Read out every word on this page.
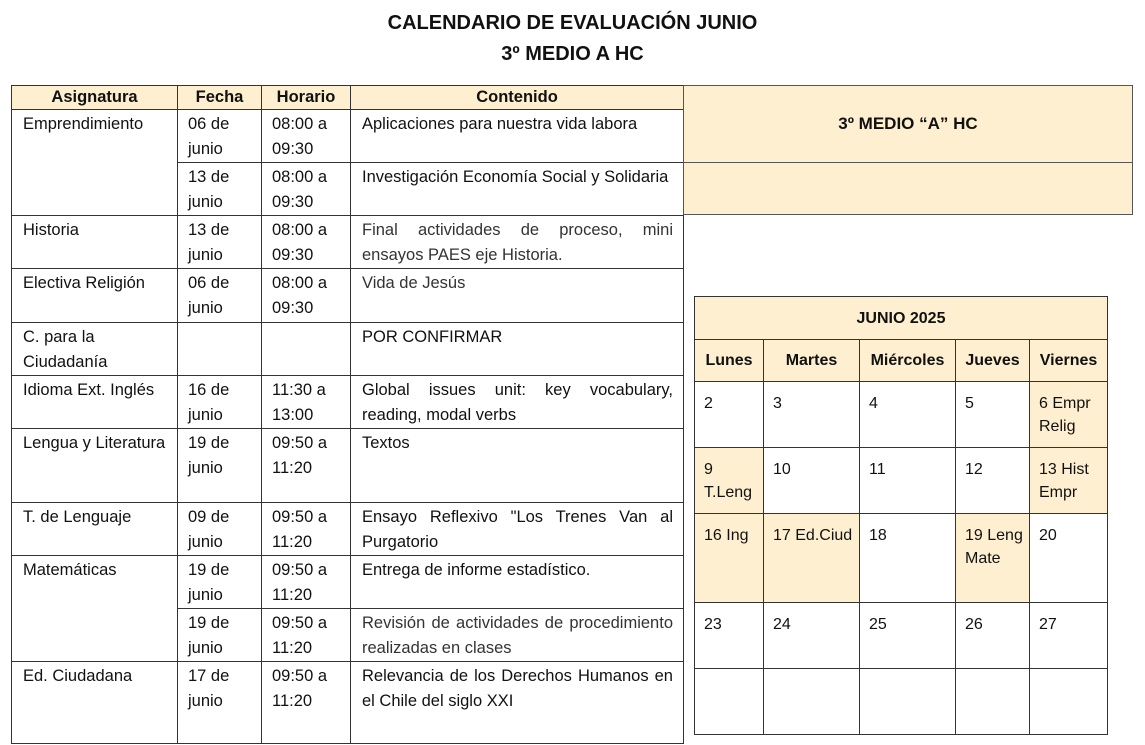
CALENDARIO DE EVALUACIÓN JUNIO
3º MEDIO A HC
Asignatura	Fecha	Horario	Contenido
Emprendimiento	06 de junio	08:00 a 09:30	Aplicaciones para nuestra vida labora
	13 de junio	08:00 a 09:30	Investigación Economía Social y Solidaria
Historia	13 de junio	08:00 a 09:30	Final actividades de proceso, mini ensayos PAES eje Historia.
Electiva Religión	06 de junio	08:00 a 09:30	Vida de Jesús
C. para la Ciudadanía			POR CONFIRMAR
Idioma Ext. Inglés	16 de junio	11:30 a 13:00	Global issues unit: key vocabulary, reading, modal verbs
Lengua y Literatura	19 de junio	09:50 a 11:20	Textos
T. de Lenguaje	09 de junio	09:50 a 11:20	Ensayo Reflexivo "Los Trenes Van al Purgatorio
Matemáticas	19 de junio	09:50 a 11:20	Entrega de informe estadístico.
	19 de junio	09:50 a 11:20	Revisión de actividades de procedimiento realizadas en clases
Ed. Ciudadana	17 de junio	09:50 a 11:20	Relevancia de los Derechos Humanos en el Chile del siglo XXI
3º MEDIO “A” HC
JUNIO 2025				
Lunes	Martes	Miércoles	Jueves	Viernes
2	3	4	5	6 Empr Relig
9 T.Leng	10	11	12	13 Hist Empr
16 Ing	17 Ed.Ciud	18	19 Leng Mate	20
23	24	25	26	27
